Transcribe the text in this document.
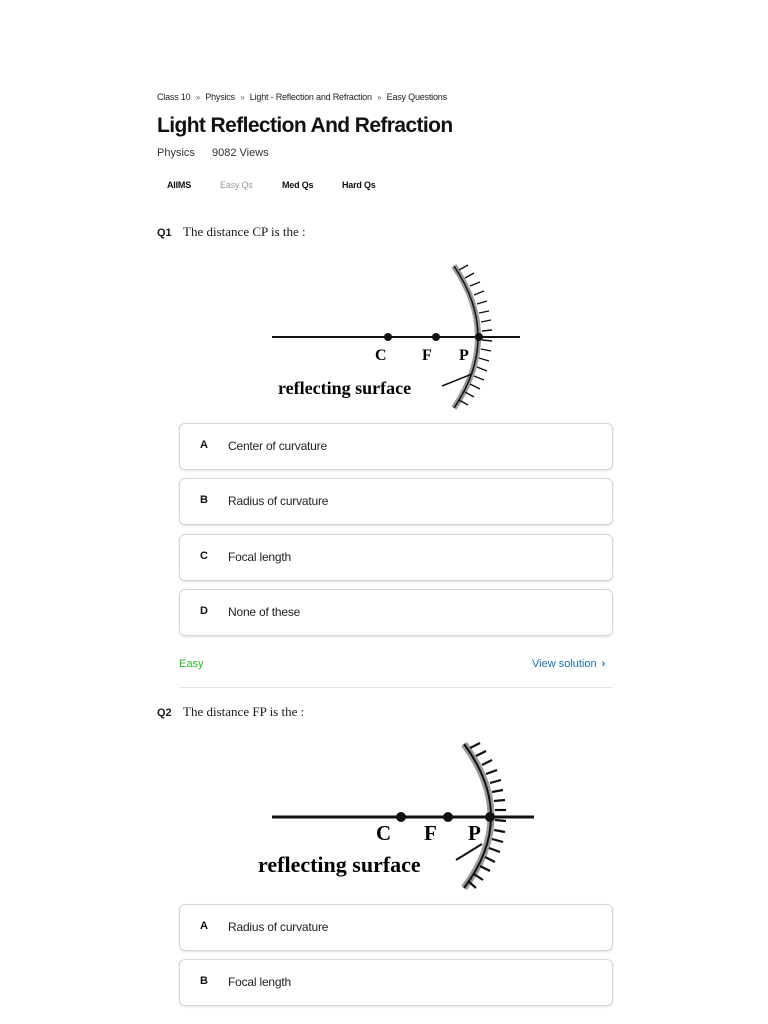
Class 10 » Physics » Light - Reflection and Refraction » Easy Questions
Light Reflection And Refraction
Physics 9082 Views
AIIMS	Easy Qs	Med Qs	Hard Qs
Q1 The distance CP is the :
C F P
reflecting surface
A Center of curvature
B Radius of curvature
C Focal length
D None of these
Easy	View solution ›
Q2 The distance FP is the :
C F P
reflecting surface
A Radius of curvature
B Focal length
